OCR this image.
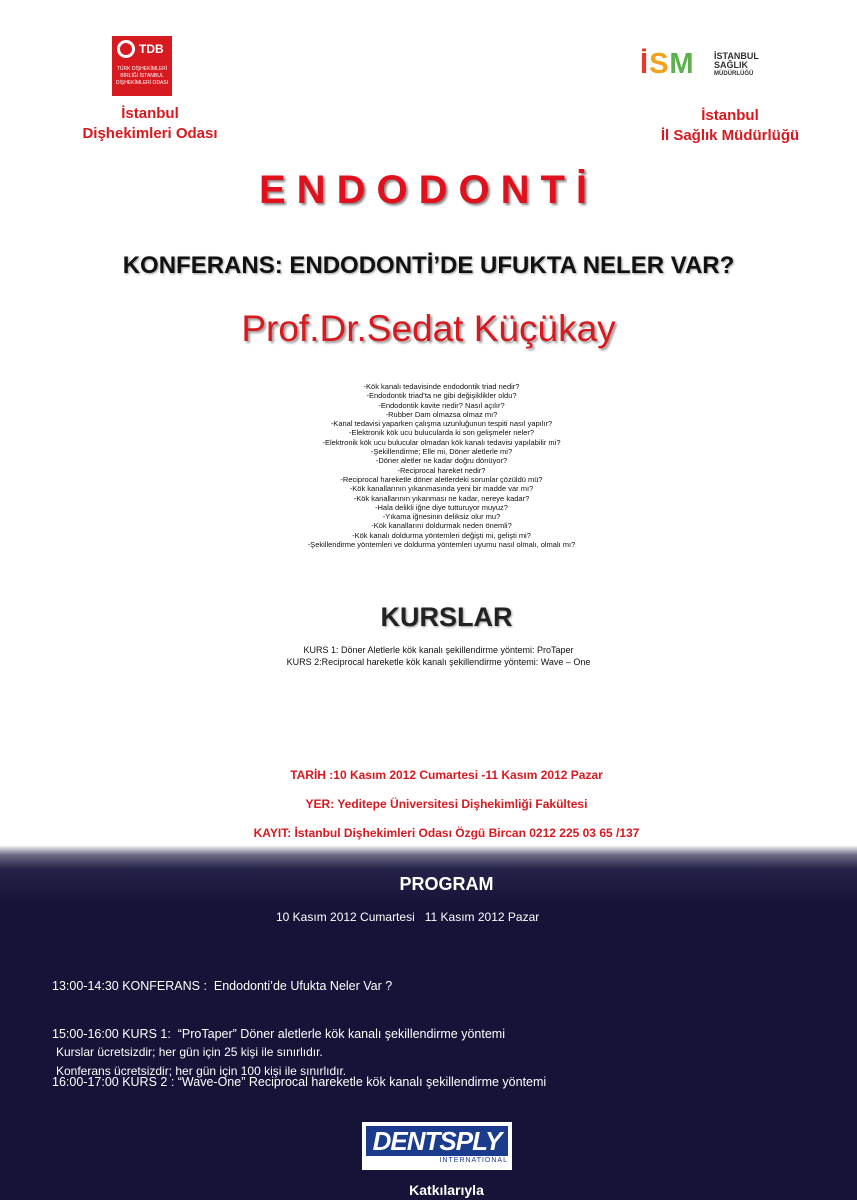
TDB
TÜRK DİŞHEKİMLERİ BİRLİĞİ İSTANBUL DİŞHEKİMLERİ ODASI
İstanbul
Dişhekimleri Odası
İSM İSTANBUL
SAĞLIK
MÜDÜRLÜĞÜ
İstanbul
İl Sağlık Müdürlüğü
ENDODONTİ
KONFERANS: ENDODONTİ’DE UFUKTA NELER VAR?
Prof.Dr.Sedat Küçükay
-Kök kanalı tedavisinde endodontik triad nedir?
-Endodontik triad’ta ne gibi değişiklikler oldu?
-Endodontik kavite nedir? Nasıl açılır?
-Rubber Dam olmazsa olmaz mı?
-Kanal tedavisi yaparken çalışma uzunluğunun tespiti nasıl yapılır?
-Elektronik kök ucu bulucularda ki son gelişmeler neler?
-Elektronik kök ucu bulucular olmadan kök kanalı tedavisi yapılabilir mi?
-Şekillendirme; Elle mi, Döner aletlerle mi?
-Döner aletler ne kadar doğru dönüyor?
-Reciprocal hareket nedir?
-Reciprocal hareketle döner aletlerdeki sorunlar çözüldü mü?
-Kök kanallarının yıkanmasında yeni bir madde var mı?
-Kök kanallarının yıkanması ne kadar, nereye kadar?
-Hala delikli iğne diye tutturuyor muyuz?
-Yıkama iğnesinin deliksiz olur mu?
-Kök kanallarını doldurmak neden önemli?
-Kök kanalı doldurma yöntemleri değişti mi, gelişti mi?
-Şekillendirme yöntemleri ve doldurma yöntemleri uyumu nasıl olmalı, olmalı mı?
KURSLAR
KURS 1: Döner Aletlerle kök kanalı şekillendirme yöntemi: ProTaper
KURS 2:Reciprocal hareketle kök kanalı şekillendirme yöntemi: Wave – One
TARİH :10 Kasım 2012 Cumartesi -11 Kasım 2012 Pazar
YER: Yeditepe Üniversitesi Dişhekimliği Fakültesi
KAYIT: İstanbul Dişhekimleri Odası Özgü Bircan 0212 225 03 65 /137
PROGRAM
10 Kasım 2012 Cumartesi   11 Kasım 2012 Pazar

13:00-14:30 KONFERANS :  Endodonti’de Ufukta Neler Var ?

15:00-16:00 KURS 1:  “ProTaper” Döner aletlerle kök kanalı şekillendirme yöntemi

16:00-17:00 KURS 2 : “Wave-One” Reciprocal hareketle kök kanalı şekillendirme yöntemi

Kurslar ücretsizdir; her gün için 25 kişi ile sınırlıdır.
Konferans ücretsizdir; her gün için 100 kişi ile sınırlıdır.
DENTSPLY
INTERNATIONAL
Katkılarıyla
